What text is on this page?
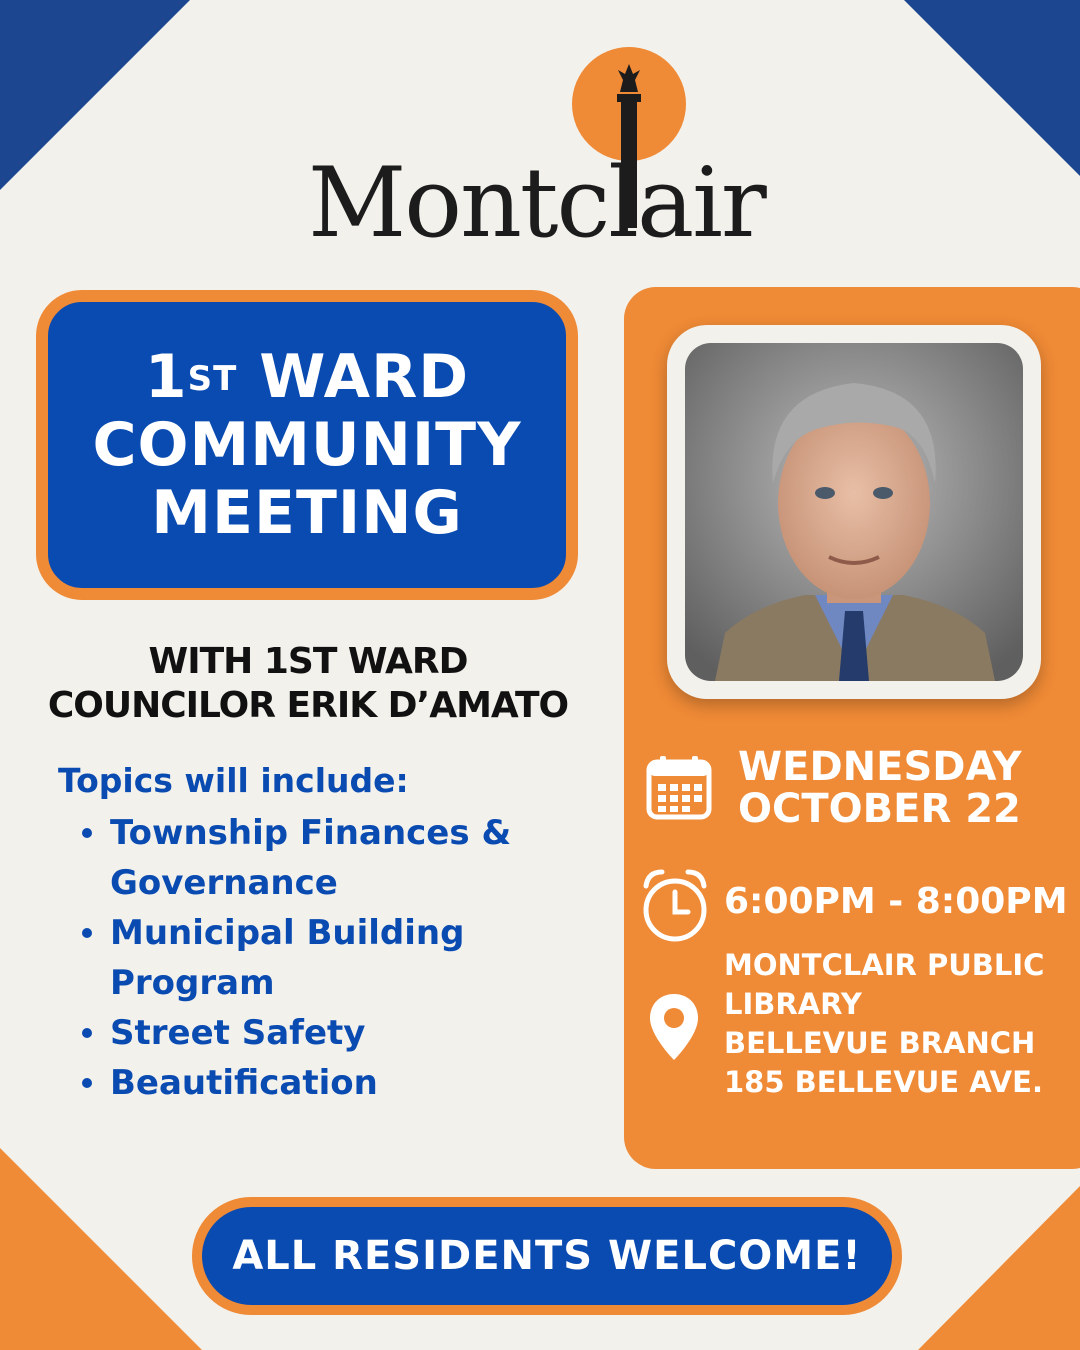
Montclair
1ST WARD
COMMUNITY
MEETING
WITH 1ST WARD
COUNCILOR ERIK D’AMATO
Topics will include:
Township Finances &
Governance
Municipal Building
Program
Street Safety
Beautification
WEDNESDAY
OCTOBER 22
6:00PM - 8:00PM
MONTCLAIR PUBLIC
LIBRARY
BELLEVUE BRANCH
185 BELLEVUE AVE.
ALL RESIDENTS WELCOME!
